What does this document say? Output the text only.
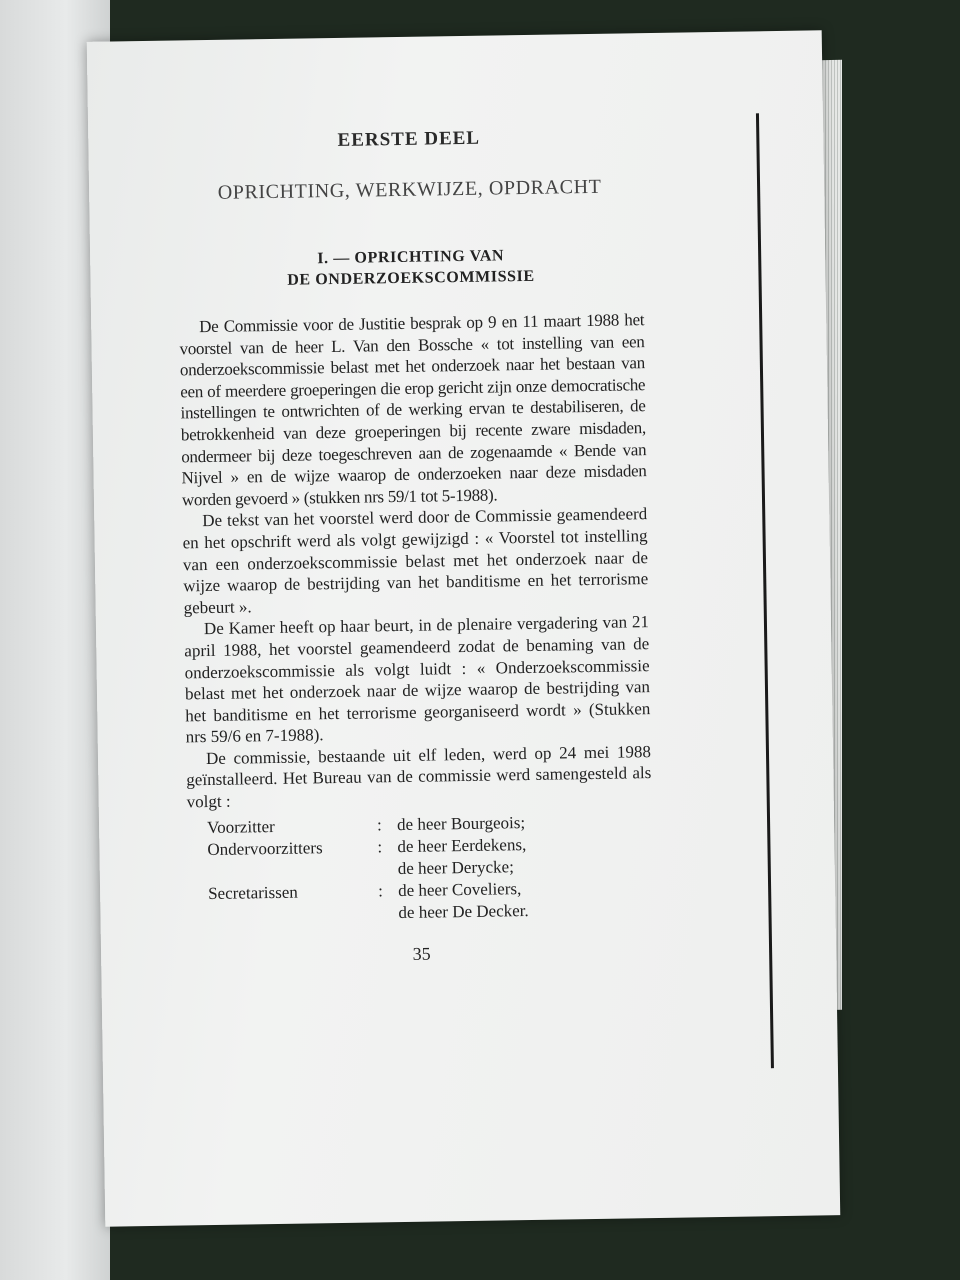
EERSTE DEEL
OPRICHTING, WERKWIJZE, OPDRACHT
I. — OPRICHTING VAN
DE ONDERZOEKSCOMMISSIE

De Commissie voor de Justitie besprak op 9 en 11 maart 1988 het voorstel van de heer L. Van den Bossche « tot instelling van een onderzoekscommissie belast met het onderzoek naar het bestaan van een of meerdere groeperingen die erop gericht zijn onze democratische instellingen te ontwrichten of de werking ervan te destabiliseren, de betrokkenheid van deze groeperingen bij recente zware misdaden, ondermeer bij deze toegeschreven aan de zogenaamde « Bende van Nijvel » en de wijze waarop de onderzoeken naar deze misdaden worden gevoerd » (stukken nrs 59/1 tot 5-1988).

De tekst van het voorstel werd door de Commissie geamendeerd en het opschrift werd als volgt gewijzigd : « Voorstel tot instelling van een onderzoekscommissie belast met het onderzoek naar de wijze waarop de bestrijding van het banditisme en het terrorisme gebeurt ».

De Kamer heeft op haar beurt, in de plenaire vergadering van 21 april 1988, het voorstel geamendeerd zodat de benaming van de onderzoekscommissie als volgt luidt : « Onderzoekscommissie belast met het onderzoek naar de wijze waarop de bestrijding van het banditisme en het terrorisme georganiseerd wordt » (Stukken nrs 59/6 en 7-1988).

De commissie, bestaande uit elf leden, werd op 24 mei 1988 geïnstalleerd. Het Bureau van de commissie werd samengesteld als volgt :

Voorzitter	: de heer Bourgeois;
Ondervoorzitters	: de heer Eerdekens,
de heer Derycke;
Secretarissen	: de heer Coveliers,
de heer De Decker.
35
